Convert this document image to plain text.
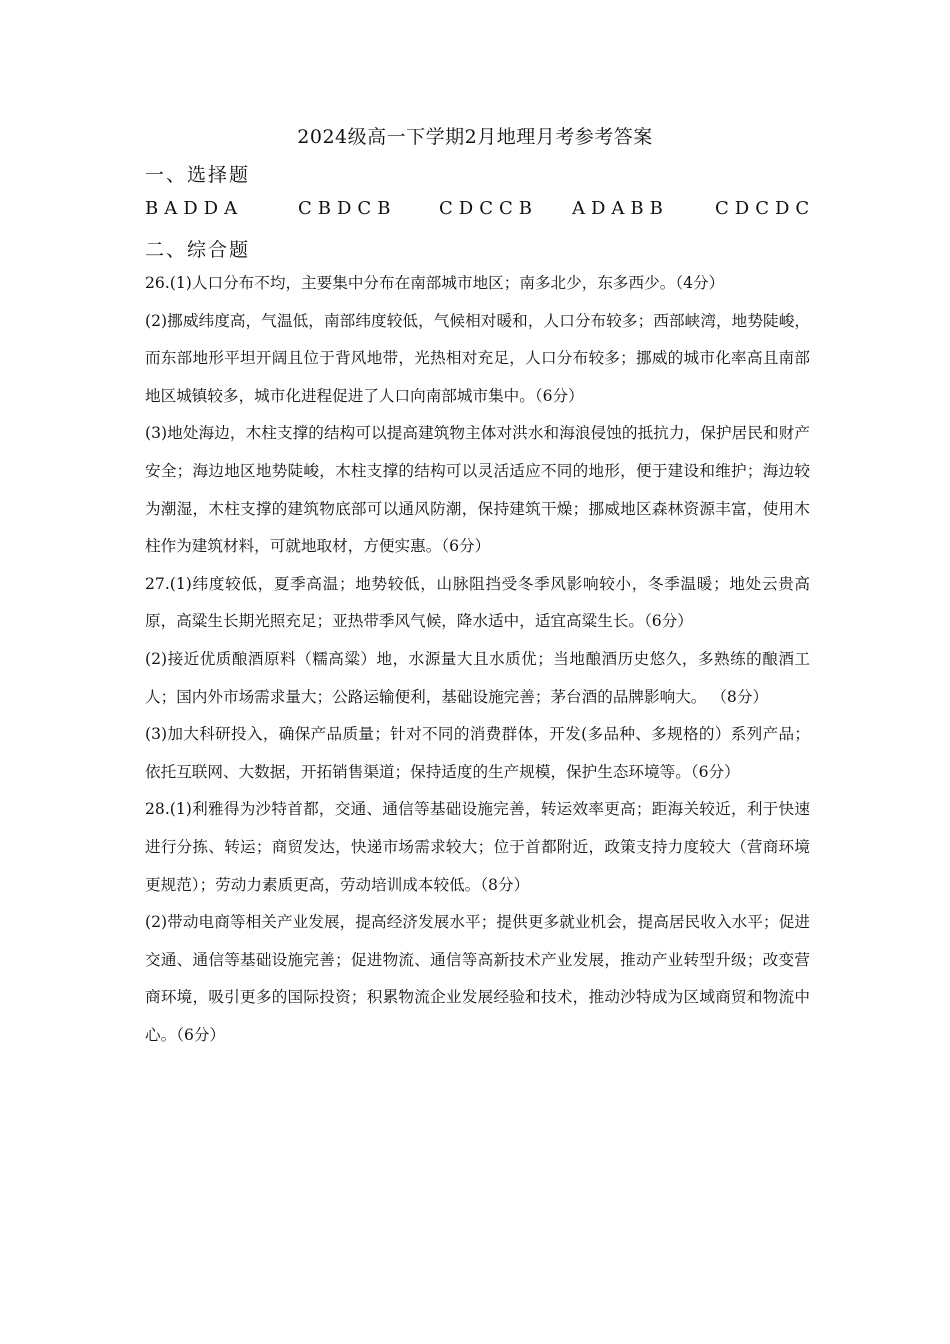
2024级高一下学期2月地理月考参考答案
一、选择题
BADDA	CBDCB CDCCB ADABB	CDCDC
二、综合题

26.(1)人口分布不均，主要集中分布在南部城市地区；南多北少，东多西少。（4分）

(2)挪威纬度高，气温低，南部纬度较低，气候相对暖和，人口分布较多；西部峡湾，地势陡峻，而东部地形平坦开阔且位于背风地带，光热相对充足，人口分布较多；挪威的城市化率高且南部地区城镇较多，城市化进程促进了人口向南部城市集中。（6分）

(3)地处海边，木柱支撑的结构可以提高建筑物主体对洪水和海浪侵蚀的抵抗力，保护居民和财产安全；海边地区地势陡峻，木柱支撑的结构可以灵活适应不同的地形，便于建设和维护；海边较为潮湿，木柱支撑的建筑物底部可以通风防潮，保持建筑干燥；挪威地区森林资源丰富，使用木柱作为建筑材料，可就地取材，方便实惠。（6分）

27.(1)纬度较低，夏季高温；地势较低，山脉阻挡受冬季风影响较小，冬季温暖；地处云贵高原，高粱生长期光照充足；亚热带季风气候，降水适中，适宜高粱生长。（6分）

(2)接近优质酿酒原料（糯高粱）地，水源量大且水质优；当地酿酒历史悠久，多熟练的酿酒工人；国内外市场需求量大；公路运输便利，基础设施完善；茅台酒的品牌影响大。 （8分）

(3)加大科研投入，确保产品质量；针对不同的消费群体，开发(多品种、多规格的）系列产品；依托互联网、大数据，开拓销售渠道；保持适度的生产规模，保护生态环境等。（6分）

28.(1)利雅得为沙特首都，交通、通信等基础设施完善，转运效率更高；距海关较近，利于快速进行分拣、转运；商贸发达，快递市场需求较大；位于首都附近，政策支持力度较大（营商环境更规范）；劳动力素质更高，劳动培训成本较低。（8分）

(2)带动电商等相关产业发展，提高经济发展水平；提供更多就业机会，提高居民收入水平；促进交通、通信等基础设施完善；促进物流、通信等高新技术产业发展，推动产业转型升级；改变营商环境，吸引更多的国际投资；积累物流企业发展经验和技术，推动沙特成为区域商贸和物流中心。（6分）
